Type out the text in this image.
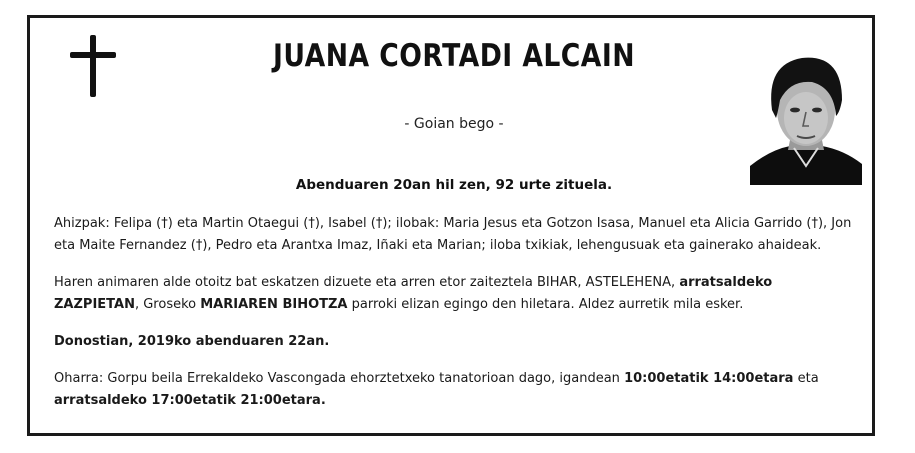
JUANA CORTADI ALCAIN
- Goian bego -
Abenduaren 20an hil zen, 92 urte zituela.
Ahizpak: Felipa (†) eta Martin Otaegui (†), Isabel (†); ilobak: Maria Jesus eta Gotzon Isasa, Manuel eta Alicia Garrido (†), Jon eta Maite Fernandez (†), Pedro eta Arantxa Imaz, Iñaki eta Marian; iloba txikiak, lehengusuak eta gainerako ahaideak.
Haren animaren alde otoitz bat eskatzen dizuete eta arren etor zaiteztela BIHAR, ASTELEHENA, arratsaldeko ZAZPIETAN, Groseko MARIAREN BIHOTZA parroki elizan egingo den hiletara. Aldez aurretik mila esker.
Donostian, 2019ko abenduaren 22an.
Oharra: Gorpu beila Errekaldeko Vascongada ehorztetxeko tanatorioan dago, igandean 10:00etatik 14:00etara eta arratsaldeko 17:00etatik 21:00etara.
